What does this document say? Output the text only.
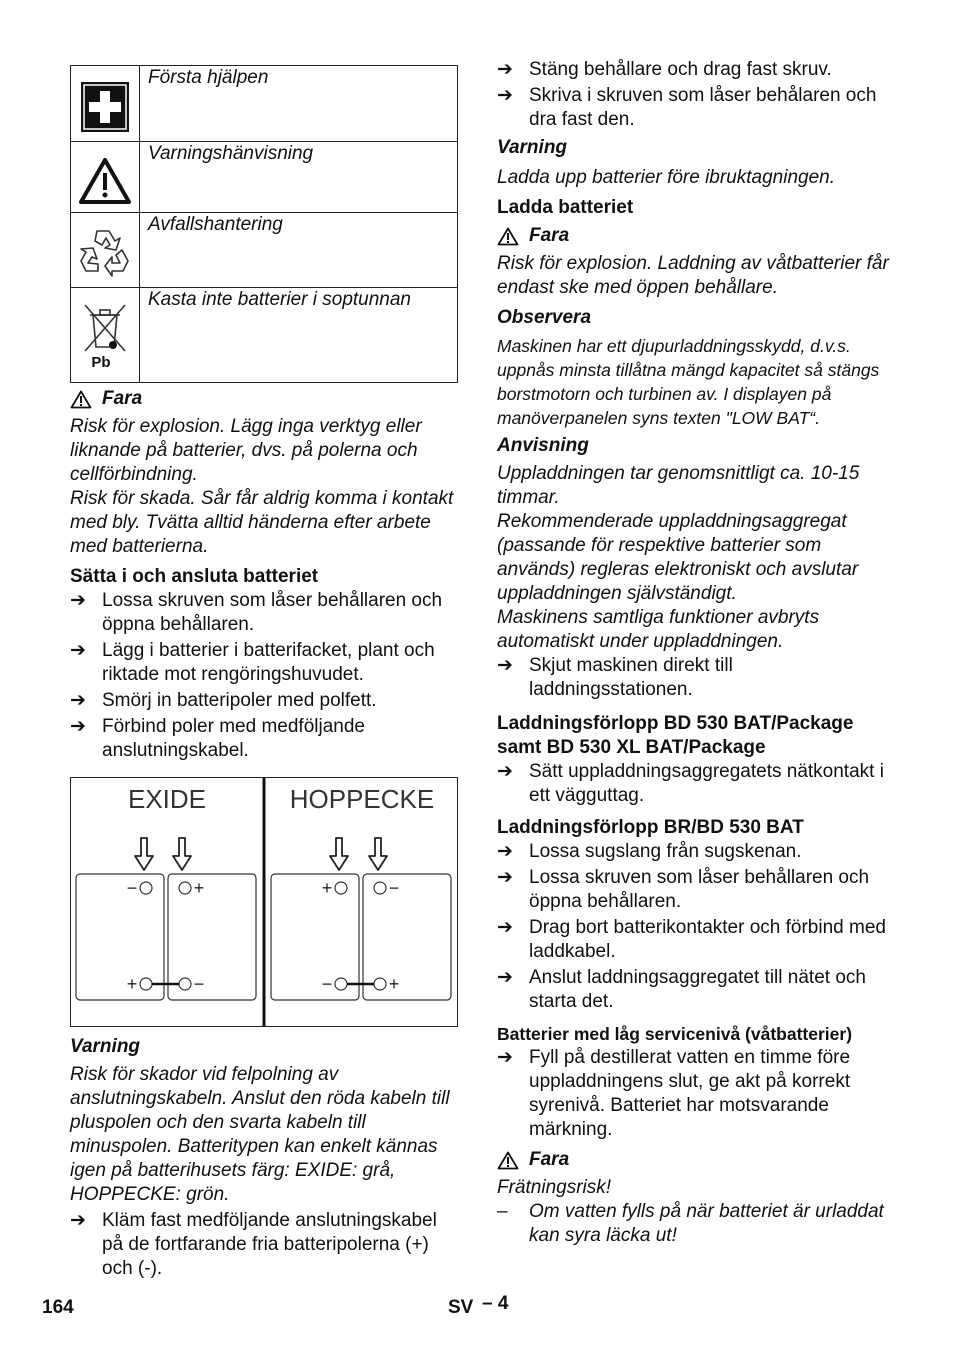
	Första hjälpen
	Varningshänvisning
	Avfallshantering

Pb	Kasta inte batterier i soptunnan
Fara

Risk för explosion. Lägg inga verktyg eller liknande på batterier, dvs. på polerna och cellförbindning.

Risk för skada. Sår får aldrig komma i kontakt med bly. Tvätta alltid händerna efter arbete med batterierna.

Sätta i och ansluta batteriet

➔ Lossa skruven som låser behållaren och öppna behållaren.
➔ Lägg i batterier i batterifacket, plant och riktade mot rengöringshuvudet.
➔ Smörj in batteripoler med polfett.
➔ Förbind poler med medföljande anslutningskabel.
EXIDE	HOPPECKE
−	+
+	−
+	−
−	+

Varning

Risk för skador vid felpolning av anslutningskabeln. Anslut den röda kabeln till pluspolen och den svarta kabeln till minuspolen. Batteritypen kan enkelt kännas igen på batterihusets färg: EXIDE: grå, HOPPECKE: grön.

➔ Kläm fast medföljande anslutningskabel på de fortfarande fria batteripolerna (+) och (-).
➔ Stäng behållare och drag fast skruv.
➔ Skriva i skruven som låser behålaren och dra fast den.

Varning

Ladda upp batterier före ibruktagningen.

Ladda batteriet

Fara

Risk för explosion. Laddning av våtbatterier får endast ske med öppen behållare.

Observera

Maskinen har ett djupurladdningsskydd, d.v.s. uppnås minsta tillåtna mängd kapacitet så stängs borstmotorn och turbinen av. I displayen på manöverpanelen syns texten "LOW BAT“.

Anvisning

Uppladdningen tar genomsnittligt ca. 10-15 timmar.

Rekommenderade uppladdningsaggregat (passande för respektive batterier som används) regleras elektroniskt och avslutar uppladdningen självständigt.

Maskinens samtliga funktioner avbryts automatiskt under uppladdningen.

➔ Skjut maskinen direkt till laddningsstationen.

Laddningsförlopp BD 530 BAT/Package samt BD 530 XL BAT/Package

➔ Sätt uppladdningsaggregatets nätkontakt i ett vägguttag.

Laddningsförlopp BR/BD 530 BAT

➔ Lossa sugslang från sugskenan.
➔ Lossa skruven som låser behållaren och öppna behållaren.
➔ Drag bort batterikontakter och förbind med laddkabel.
➔ Anslut laddningsaggregatet till nätet och starta det.

Batterier med låg servicenivå (våtbatterier)

➔ Fyll på destillerat vatten en timme före uppladdningens slut, ge akt på korrekt syrenivå. Batteriet har motsvarande märkning.
Fara

Frätningsrisk!

–	Om vatten fylls på när batteriet är urladdat kan syra läcka ut!
164	SV – 4
